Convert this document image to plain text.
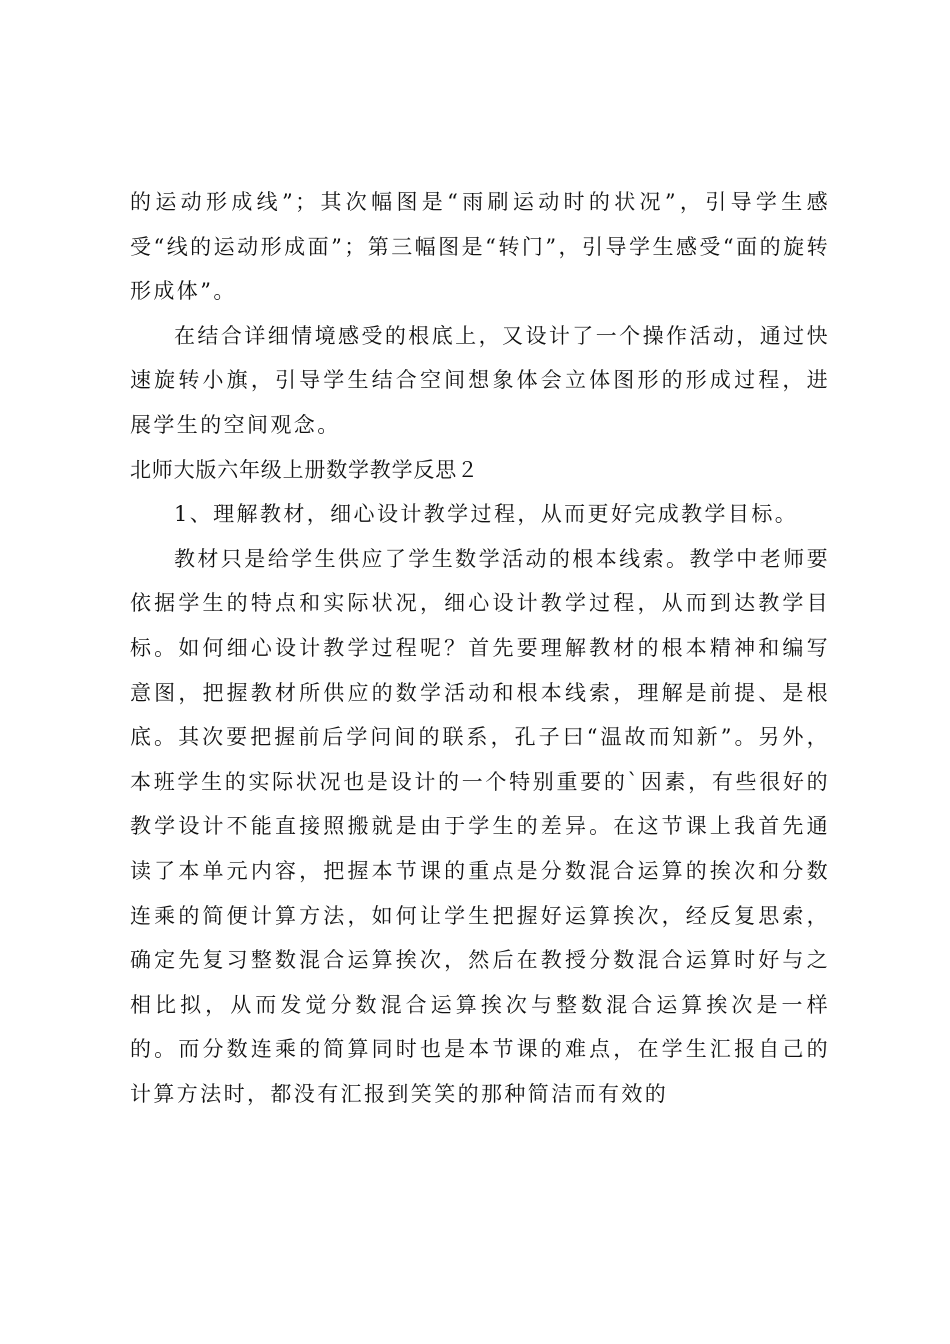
的运动形成线”；其次幅图是“雨刷运动时的状况”，引导学生感受“线的运动形成面”；第三幅图是“转门”，引导学生感受“面的旋转形成体”。

在结合详细情境感受的根底上，又设计了一个操作活动，通过快速旋转小旗，引导学生结合空间想象体会立体图形的形成过程，进展学生的空间观念。

北师大版六年级上册数学教学反思２

1、理解教材，细心设计教学过程，从而更好完成教学目标。

教材只是给学生供应了学生数学活动的根本线索。教学中老师要依据学生的特点和实际状况，细心设计教学过程，从而到达教学目标。如何细心设计教学过程呢？首先要理解教材的根本精神和编写意图，把握教材所供应的数学活动和根本线索，理解是前提、是根底。其次要把握前后学问间的联系，孔子曰“温故而知新”。另外，本班学生的实际状况也是设计的一个特别重要的`因素，有些很好的教学设计不能直接照搬就是由于学生的差异。在这节课上我首先通读了本单元内容，把握本节课的重点是分数混合运算的挨次和分数连乘的简便计算方法，如何让学生把握好运算挨次，经反复思索，确定先复习整数混合运算挨次，然后在教授分数混合运算时好与之相比拟，从而发觉分数混合运算挨次与整数混合运算挨次是一样的。而分数连乘的简算同时也是本节课的难点，在学生汇报自己的计算方法时，都没有汇报到笑笑的那种简洁而有效的
